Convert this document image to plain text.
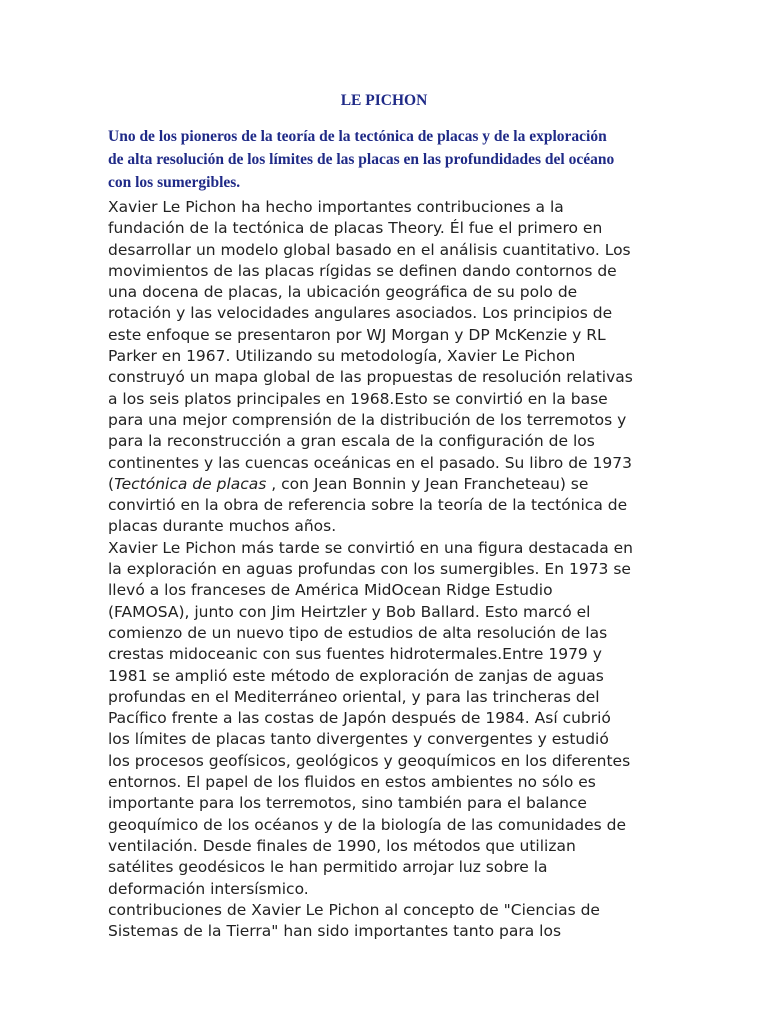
LE PICHON

Uno de los pioneros de la teoría de la tectónica de placas y de la exploración
de alta resolución de los límites de las placas en las profundidades del océano
con los sumergibles.

Xavier Le Pichon ha hecho importantes contribuciones a la
fundación de la tectónica de placas Theory. Él fue el primero en
desarrollar un modelo global basado en el análisis cuantitativo. Los
movimientos de las placas rígidas se definen dando contornos de
una docena de placas, la ubicación geográfica de su polo de
rotación y las velocidades angulares asociados. Los principios de
este enfoque se presentaron por WJ Morgan y DP McKenzie y RL
Parker en 1967. Utilizando su metodología, Xavier Le Pichon
construyó un mapa global de las propuestas de resolución relativas
a los seis platos principales en 1968.Esto se convirtió en la base
para una mejor comprensión de la distribución de los terremotos y
para la reconstrucción a gran escala de la configuración de los
continentes y las cuencas oceánicas en el pasado. Su libro de 1973
(Tectónica de placas , con Jean Bonnin y Jean Francheteau) se
convirtió en la obra de referencia sobre la teoría de la tectónica de
placas durante muchos años.
Xavier Le Pichon más tarde se convirtió en una figura destacada en
la exploración en aguas profundas con los sumergibles. En 1973 se
llevó a los franceses de América MidOcean Ridge Estudio
(FAMOSA), junto con Jim Heirtzler y Bob Ballard. Esto marcó el
comienzo de un nuevo tipo de estudios de alta resolución de las
crestas midoceanic con sus fuentes hidrotermales.Entre 1979 y
1981 se amplió este método de exploración de zanjas de aguas
profundas en el Mediterráneo oriental, y para las trincheras del
Pacífico frente a las costas de Japón después de 1984. Así cubrió
los límites de placas tanto divergentes y convergentes y estudió
los procesos geofísicos, geológicos y geoquímicos en los diferentes
entornos. El papel de los fluidos en estos ambientes no sólo es
importante para los terremotos, sino también para el balance
geoquímico de los océanos y de la biología de las comunidades de
ventilación. Desde finales de 1990, los métodos que utilizan
satélites geodésicos le han permitido arrojar luz sobre la
deformación intersísmico.
contribuciones de Xavier Le Pichon al concepto de "Ciencias de
Sistemas de la Tierra" han sido importantes tanto para los
